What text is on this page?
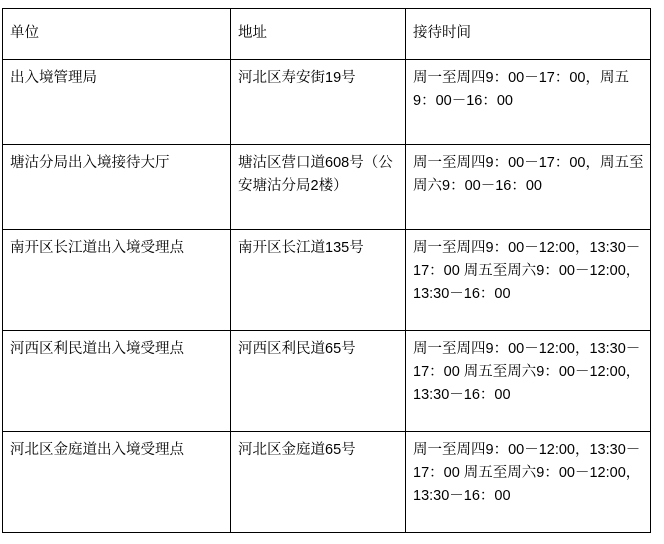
单位	地址	接待时间

出入境管理局	河北区寿安街19号	周一至周四9：00－17：00，周五9：00－16：00

塘沽分局出入境接待大厅	塘沽区营口道608号（公安塘沽分局2楼）	周一至周四9：00－17：00，周五至周六9：00－16：00

南开区长江道出入境受理点	南开区长江道135号	周一至周四9：00－12:00，13:30－17：00 周五至周六9：00－12:00，13:30－16：00

河西区利民道出入境受理点	河西区利民道65号	周一至周四9：00－12:00，13:30－17：00 周五至周六9：00－12:00，13:30－16：00

河北区金庭道出入境受理点	河北区金庭道65号	周一至周四9：00－12:00，13:30－17：00 周五至周六9：00－12:00，13:30－16：00
